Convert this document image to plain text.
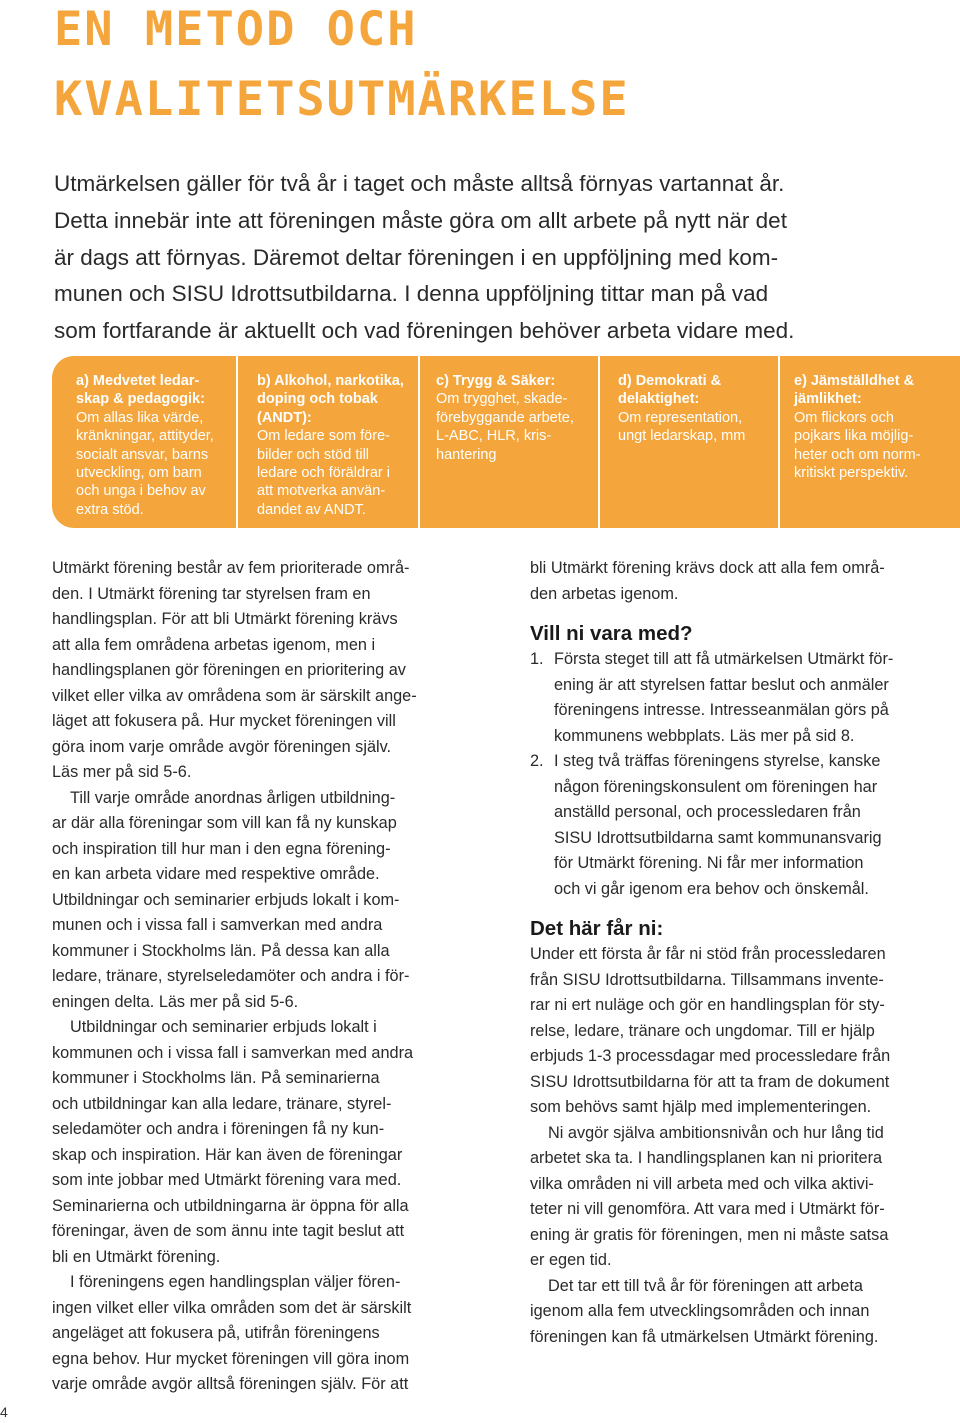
EN METOD OCH
KVALITETSUTMÄRKELSE
Utmärkelsen gäller för två år i taget och måste alltså förnyas vartannat år.
Detta innebär inte att föreningen måste göra om allt arbete på nytt när det
är dags att förnyas. Däremot deltar föreningen i en uppföljning med kom-
munen och SISU Idrottsutbildarna. I denna uppföljning tittar man på vad
som fortfarande är aktuellt och vad föreningen behöver arbeta vidare med.
a) Medvetet ledar-
skap & pedagogik:
Om allas lika värde,
kränkningar, attityder,
socialt ansvar, barns
utveckling, om barn
och unga i behov av
extra stöd.
b) Alkohol, narkotika,
doping och tobak
(ANDT):
Om ledare som före-
bilder och stöd till
ledare och föräldrar i
att motverka använ-
dandet av ANDT.
c) Trygg & Säker:
Om trygghet, skade-
förebyggande arbete,
L-ABC, HLR, kris-
hantering
d) Demokrati &
delaktighet:
Om representation,
ungt ledarskap, mm
e) Jämställdhet &
jämlikhet:
Om flickors och
pojkars lika möjlig-
heter och om norm-
kritiskt perspektiv.
Utmärkt förening består av fem prioriterade områ-
den. I Utmärkt förening tar styrelsen fram en
handlingsplan. För att bli Utmärkt förening krävs
att alla fem områdena arbetas igenom, men i
handlingsplanen gör föreningen en prioritering av
vilket eller vilka av områdena som är särskilt ange-
läget att fokusera på. Hur mycket föreningen vill
göra inom varje område avgör föreningen själv.
Läs mer på sid 5-6.
Till varje område anordnas årligen utbildning-
ar där alla föreningar som vill kan få ny kunskap
och inspiration till hur man i den egna förening-
en kan arbeta vidare med respektive område.
Utbildningar och seminarier erbjuds lokalt i kom-
munen och i vissa fall i samverkan med andra
kommuner i Stockholms län. På dessa kan alla
ledare, tränare, styrelseledamöter och andra i för-
eningen delta. Läs mer på sid 5-6.
Utbildningar och seminarier erbjuds lokalt i
kommunen och i vissa fall i samverkan med andra
kommuner i Stockholms län. På seminarierna
och utbildningar kan alla ledare, tränare, styrel-
seledamöter och andra i föreningen få ny kun-
skap och inspiration. Här kan även de föreningar
som inte jobbar med Utmärkt förening vara med.
Seminarierna och utbildningarna är öppna för alla
föreningar, även de som ännu inte tagit beslut att
bli en Utmärkt förening.
I föreningens egen handlingsplan väljer fören-
ingen vilket eller vilka områden som det är särskilt
angeläget att fokusera på, utifrån föreningens
egna behov. Hur mycket föreningen vill göra inom
varje område avgör alltså föreningen själv. För att
bli Utmärkt förening krävs dock att alla fem områ-
den arbetas igenom.
Vill ni vara med?
1. Första steget till att få utmärkelsen Utmärkt för-
ening är att styrelsen fattar beslut och anmäler
föreningens intresse. Intresseanmälan görs på
kommunens webbplats. Läs mer på sid 8.
2. I steg två träffas föreningens styrelse, kanske
någon föreningskonsulent om föreningen har
anställd personal, och processledaren från
SISU Idrottsutbildarna samt kommunansvarig
för Utmärkt förening. Ni får mer information
och vi går igenom era behov och önskemål.
Det här får ni:
Under ett första år får ni stöd från processledaren
från SISU Idrottsutbildarna. Tillsammans invente-
rar ni ert nuläge och gör en handlingsplan för sty-
relse, ledare, tränare och ungdomar. Till er hjälp
erbjuds 1-3 processdagar med processledare från
SISU Idrottsutbildarna för att ta fram de dokument
som behövs samt hjälp med implementeringen.
Ni avgör själva ambitionsnivån och hur lång tid
arbetet ska ta. I handlingsplanen kan ni prioritera
vilka områden ni vill arbeta med och vilka aktivi-
teter ni vill genomföra. Att vara med i Utmärkt för-
ening är gratis för föreningen, men ni måste satsa
er egen tid.
Det tar ett till två år för föreningen att arbeta
igenom alla fem utvecklingsområden och innan
föreningen kan få utmärkelsen Utmärkt förening.
4
